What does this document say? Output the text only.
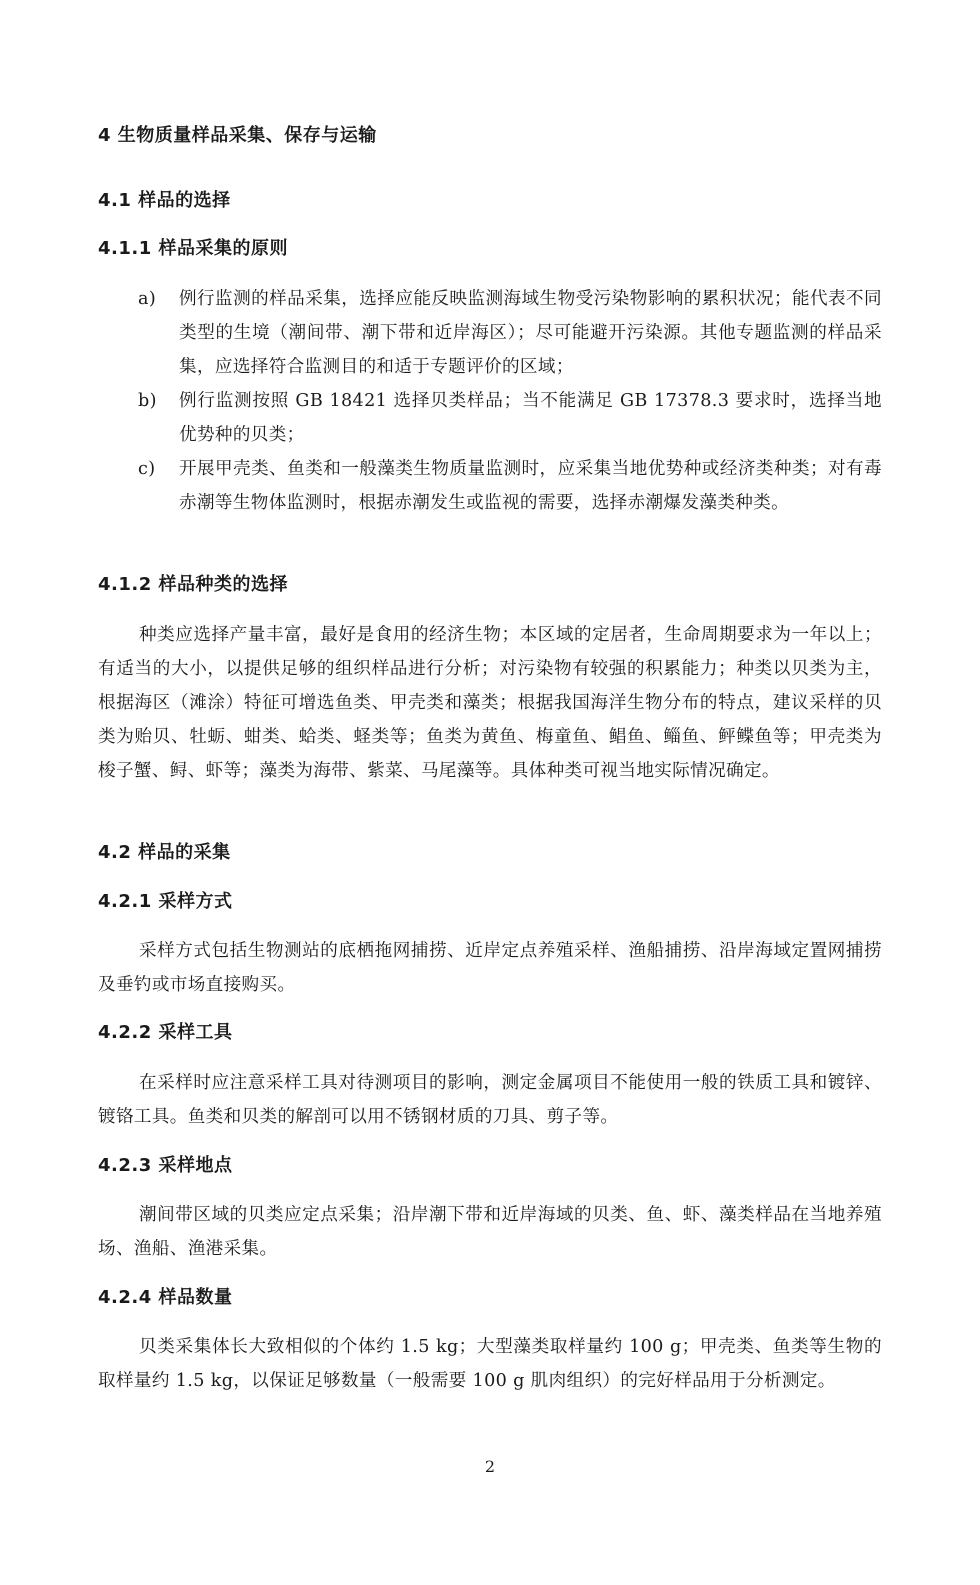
4 生物质量样品采集、保存与运输
4.1 样品的选择
4.1.1 样品采集的原则
a) 例行监测的样品采集，选择应能反映监测海域生物受污染物影响的累积状况；能代表不同类型的生境（潮间带、潮下带和近岸海区）；尽可能避开污染源。其他专题监测的样品采集，应选择符合监测目的和适于专题评价的区域；
b) 例行监测按照 GB 18421 选择贝类样品；当不能满足 GB 17378.3 要求时，选择当地优势种的贝类；
c) 开展甲壳类、鱼类和一般藻类生物质量监测时，应采集当地优势种或经济类种类；对有毒赤潮等生物体监测时，根据赤潮发生或监视的需要，选择赤潮爆发藻类种类。
4.1.2 样品种类的选择

种类应选择产量丰富，最好是食用的经济生物；本区域的定居者，生命周期要求为一年以上；有适当的大小，以提供足够的组织样品进行分析；对污染物有较强的积累能力；种类以贝类为主，根据海区（滩涂）特征可增选鱼类、甲壳类和藻类；根据我国海洋生物分布的特点，建议采样的贝类为贻贝、牡蛎、蚶类、蛤类、蛏类等；鱼类为黄鱼、梅童鱼、鲳鱼、鲻鱼、鲆鲽鱼等；甲壳类为梭子蟹、鲟、虾等；藻类为海带、紫菜、马尾藻等。具体种类可视当地实际情况确定。

4.2 样品的采集
4.2.1 采样方式

采样方式包括生物测站的底栖拖网捕捞、近岸定点养殖采样、渔船捕捞、沿岸海域定置网捕捞及垂钓或市场直接购买。

4.2.2 采样工具

在采样时应注意采样工具对待测项目的影响，测定金属项目不能使用一般的铁质工具和镀锌、镀铬工具。鱼类和贝类的解剖可以用不锈钢材质的刀具、剪子等。

4.2.3 采样地点

潮间带区域的贝类应定点采集；沿岸潮下带和近岸海域的贝类、鱼、虾、藻类样品在当地养殖场、渔船、渔港采集。

4.2.4 样品数量

贝类采集体长大致相似的个体约 1.5 kg；大型藻类取样量约 100 g；甲壳类、鱼类等生物的取样量约 1.5 kg，以保证足够数量（一般需要 100 g 肌肉组织）的完好样品用于分析测定。

2
